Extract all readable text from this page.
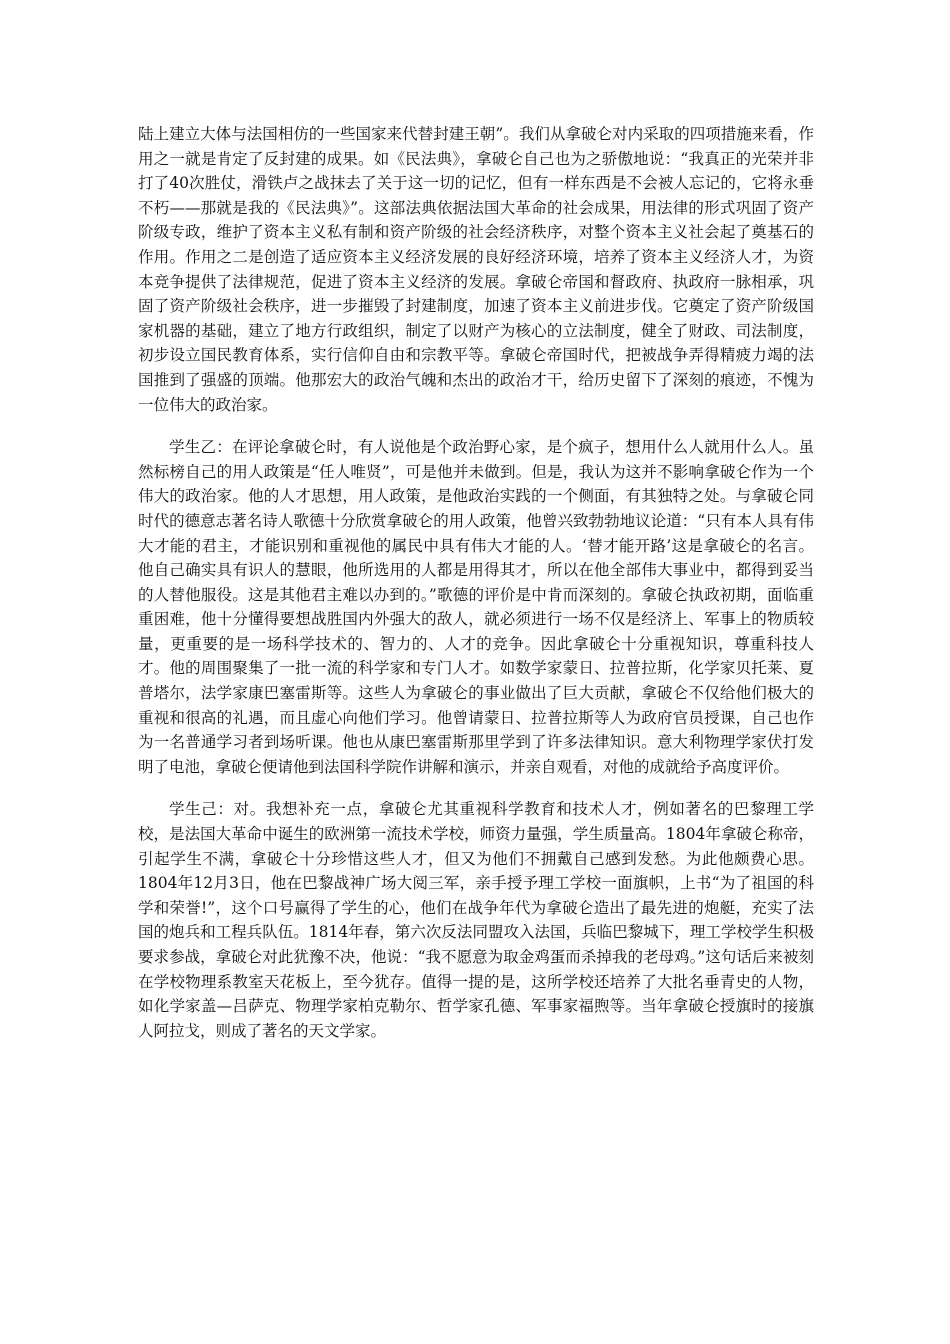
陆上建立大体与法国相仿的一些国家来代替封建王朝”。我们从拿破仑对内采取的四项措施来看，作用之一就是肯定了反封建的成果。如《民法典》，拿破仑自己也为之骄傲地说：“我真正的光荣并非打了40次胜仗，滑铁卢之战抹去了关于这一切的记忆，但有一样东西是不会被人忘记的，它将永垂不朽——那就是我的《民法典》”。这部法典依据法国大革命的社会成果，用法律的形式巩固了资产阶级专政，维护了资本主义私有制和资产阶级的社会经济秩序，对整个资本主义社会起了奠基石的作用。作用之二是创造了适应资本主义经济发展的良好经济环境，培养了资本主义经济人才，为资本竞争提供了法律规范，促进了资本主义经济的发展。拿破仑帝国和督政府、执政府一脉相承，巩固了资产阶级社会秩序，进一步摧毁了封建制度，加速了资本主义前进步伐。它奠定了资产阶级国家机器的基础，建立了地方行政组织，制定了以财产为核心的立法制度，健全了财政、司法制度，初步设立国民教育体系，实行信仰自由和宗教平等。拿破仑帝国时代，把被战争弄得精疲力竭的法国推到了强盛的顶端。他那宏大的政治气魄和杰出的政治才干，给历史留下了深刻的痕迹，不愧为一位伟大的政治家。

学生乙：在评论拿破仑时，有人说他是个政治野心家，是个疯子，想用什么人就用什么人。虽然标榜自己的用人政策是“任人唯贤”，可是他并未做到。但是，我认为这并不影响拿破仑作为一个伟大的政治家。他的人才思想，用人政策，是他政治实践的一个侧面，有其独特之处。与拿破仑同时代的德意志著名诗人歌德十分欣赏拿破仑的用人政策，他曾兴致勃勃地议论道：“只有本人具有伟大才能的君主，才能识别和重视他的属民中具有伟大才能的人。‘替才能开路’这是拿破仑的名言。他自己确实具有识人的慧眼，他所选用的人都是用得其才，所以在他全部伟大事业中，都得到妥当的人替他服役。这是其他君主难以办到的。”歌德的评价是中肯而深刻的。拿破仑执政初期，面临重重困难，他十分懂得要想战胜国内外强大的敌人，就必须进行一场不仅是经济上、军事上的物质较量，更重要的是一场科学技术的、智力的、人才的竞争。因此拿破仑十分重视知识，尊重科技人才。他的周围聚集了一批一流的科学家和专门人才。如数学家蒙日、拉普拉斯，化学家贝托莱、夏普塔尔，法学家康巴塞雷斯等。这些人为拿破仑的事业做出了巨大贡献，拿破仑不仅给他们极大的重视和很高的礼遇，而且虚心向他们学习。他曾请蒙日、拉普拉斯等人为政府官员授课，自己也作为一名普通学习者到场听课。他也从康巴塞雷斯那里学到了许多法律知识。意大利物理学家伏打发明了电池，拿破仑便请他到法国科学院作讲解和演示，并亲自观看，对他的成就给予高度评价。

学生己：对。我想补充一点，拿破仑尤其重视科学教育和技术人才，例如著名的巴黎理工学校，是法国大革命中诞生的欧洲第一流技术学校，师资力量强，学生质量高。1804年拿破仑称帝，引起学生不满，拿破仑十分珍惜这些人才，但又为他们不拥戴自己感到发愁。为此他颇费心思。1804年12月3日，他在巴黎战神广场大阅三军，亲手授予理工学校一面旗帜，上书“为了祖国的科学和荣誉!”，这个口号赢得了学生的心，他们在战争年代为拿破仑造出了最先进的炮艇，充实了法国的炮兵和工程兵队伍。1814年春，第六次反法同盟攻入法国，兵临巴黎城下，理工学校学生积极要求参战，拿破仑对此犹豫不决，他说：“我不愿意为取金鸡蛋而杀掉我的老母鸡。”这句话后来被刻在学校物理系教室天花板上，至今犹存。值得一提的是，这所学校还培养了大批名垂青史的人物，如化学家盖—吕萨克、物理学家柏克勒尔、哲学家孔德、军事家福煦等。当年拿破仑授旗时的接旗人阿拉戈，则成了著名的天文学家。
